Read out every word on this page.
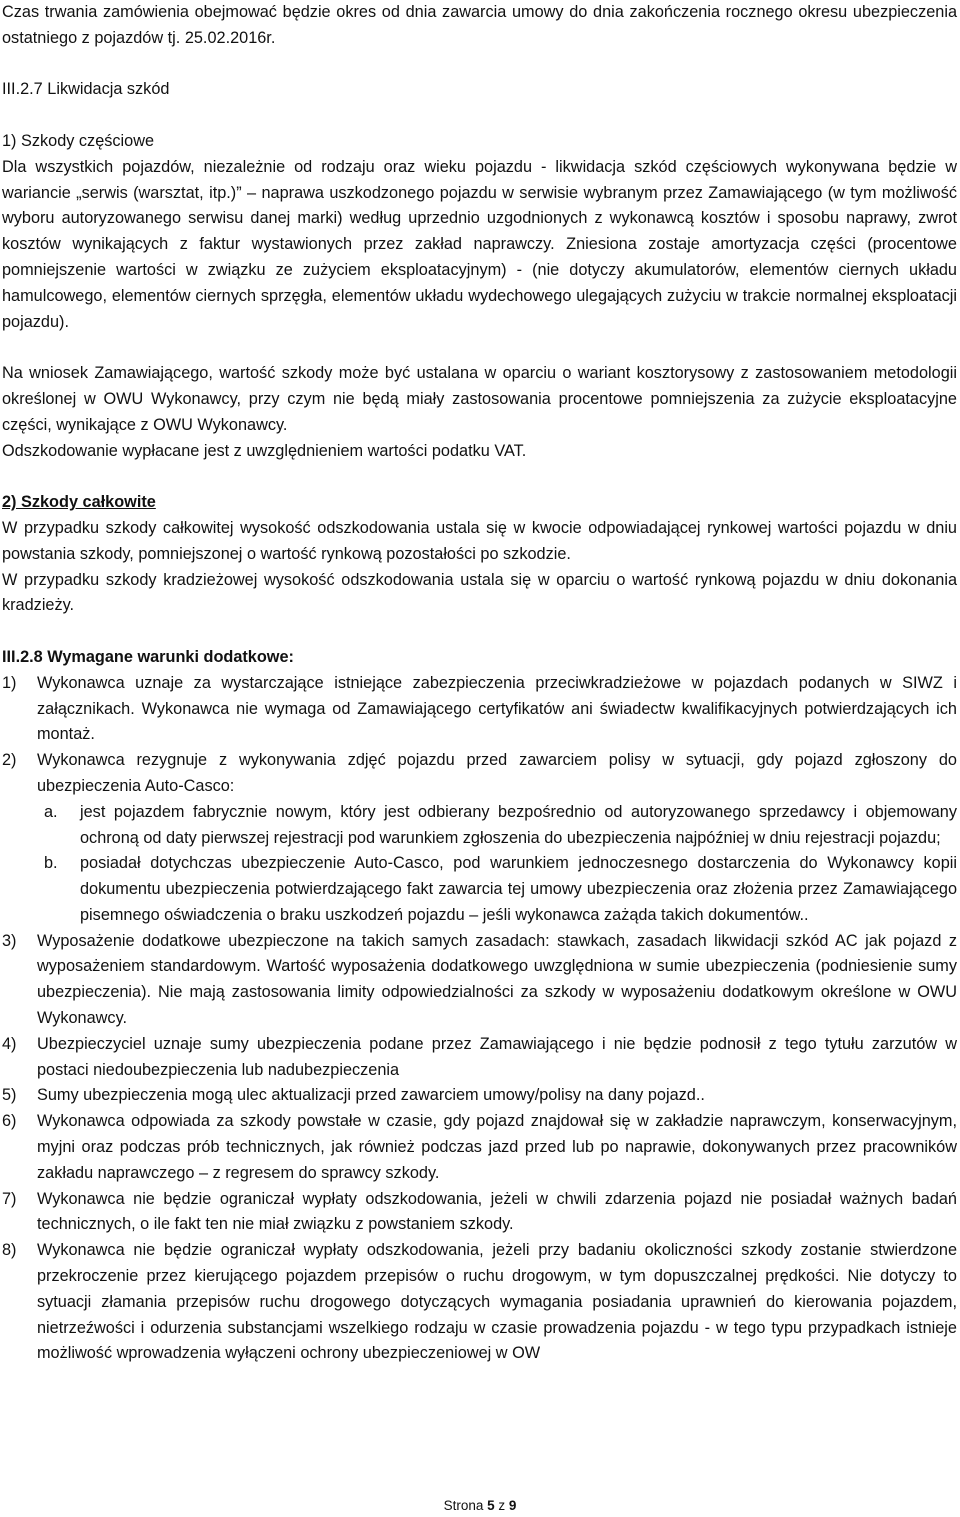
Czas trwania zamówienia obejmować będzie okres od dnia zawarcia umowy do dnia zakończenia rocznego okresu ubezpieczenia ostatniego z pojazdów tj. 25.02.2016r.

III.2.7 Likwidacja szkód

1) Szkody częściowe

Dla wszystkich pojazdów, niezależnie od rodzaju oraz wieku pojazdu - likwidacja szkód częściowych wykonywana będzie w wariancie „serwis (warsztat, itp.)” – naprawa uszkodzonego pojazdu w serwisie wybranym przez Zamawiającego (w tym możliwość wyboru autoryzowanego serwisu danej marki) według uprzednio uzgodnionych z wykonawcą kosztów i sposobu naprawy, zwrot kosztów wynikających z faktur wystawionych przez zakład naprawczy. Zniesiona zostaje amortyzacja części (procentowe pomniejszenie wartości w związku ze zużyciem eksploatacyjnym) - (nie dotyczy akumulatorów, elementów ciernych układu hamulcowego, elementów ciernych sprzęgła, elementów układu wydechowego ulegających zużyciu w trakcie normalnej eksploatacji pojazdu).

Na wniosek Zamawiającego, wartość szkody może być ustalana w oparciu o wariant kosztorysowy z zastosowaniem metodologii określonej w OWU Wykonawcy, przy czym nie będą miały zastosowania procentowe pomniejszenia za zużycie eksploatacyjne części, wynikające z OWU Wykonawcy.

Odszkodowanie wypłacane jest z uwzględnieniem wartości podatku VAT.

2) Szkody całkowite

W przypadku szkody całkowitej wysokość odszkodowania ustala się w kwocie odpowiadającej rynkowej wartości pojazdu w dniu powstania szkody, pomniejszonej o wartość rynkową pozostałości po szkodzie.

W przypadku szkody kradzieżowej wysokość odszkodowania ustala się w oparciu o wartość rynkową pojazdu w dniu dokonania kradzieży.

III.2.8 Wymagane warunki dodatkowe:

1) Wykonawca uznaje za wystarczające istniejące zabezpieczenia przeciwkradzieżowe w pojazdach podanych w SIWZ i załącznikach. Wykonawca nie wymaga od Zamawiającego certyfikatów ani świadectw kwalifikacyjnych potwierdzających ich montaż.
2) Wykonawca rezygnuje z wykonywania zdjęć pojazdu przed zawarciem polisy w sytuacji, gdy pojazd zgłoszony do ubezpieczenia Auto-Casco:
a. jest pojazdem fabrycznie nowym, który jest odbierany bezpośrednio od autoryzowanego sprzedawcy i objemowany ochroną od daty pierwszej rejestracji pod warunkiem zgłoszenia do ubezpieczenia najpóźniej w dniu rejestracji pojazdu;
b. posiadał dotychczas ubezpieczenie Auto-Casco, pod warunkiem jednoczesnego dostarczenia do Wykonawcy kopii dokumentu ubezpieczenia potwierdzającego fakt zawarcia tej umowy ubezpieczenia oraz złożenia przez Zamawiającego pisemnego oświadczenia o braku uszkodzeń pojazdu – jeśli wykonawca zażąda takich dokumentów..
3) Wyposażenie dodatkowe ubezpieczone na takich samych zasadach: stawkach, zasadach likwidacji szkód AC jak pojazd z wyposażeniem standardowym. Wartość wyposażenia dodatkowego uwzględniona w sumie ubezpieczenia (podniesienie sumy ubezpieczenia). Nie mają zastosowania limity odpowiedzialności za szkody w wyposażeniu dodatkowym określone w OWU Wykonawcy.
4) Ubezpieczyciel uznaje sumy ubezpieczenia podane przez Zamawiającego i nie będzie podnosił z tego tytułu zarzutów w postaci niedoubezpieczenia lub nadubezpieczenia
5) Sumy ubezpieczenia mogą ulec aktualizacji przed zawarciem umowy/polisy na dany pojazd..
6) Wykonawca odpowiada za szkody powstałe w czasie, gdy pojazd znajdował się w zakładzie naprawczym, konserwacyjnym, myjni oraz podczas prób technicznych, jak również podczas jazd przed lub po naprawie, dokonywanych przez pracowników zakładu naprawczego – z regresem do sprawcy szkody.
7) Wykonawca nie będzie ograniczał wypłaty odszkodowania, jeżeli w chwili zdarzenia pojazd nie posiadał ważnych badań technicznych, o ile fakt ten nie miał związku z powstaniem szkody.
8) Wykonawca nie będzie ograniczał wypłaty odszkodowania, jeżeli przy badaniu okoliczności szkody zostanie stwierdzone przekroczenie przez kierującego pojazdem przepisów o ruchu drogowym, w tym dopuszczalnej prędkości. Nie dotyczy to sytuacji złamania przepisów ruchu drogowego dotyczących wymagania posiadania uprawnień do kierowania pojazdem, nietrzeźwości i odurzenia substancjami wszelkiego rodzaju w czasie prowadzenia pojazdu - w tego typu przypadkach istnieje możliwość wprowadzenia wyłączeni ochrony ubezpieczeniowej w OW
Strona 5 z 9
